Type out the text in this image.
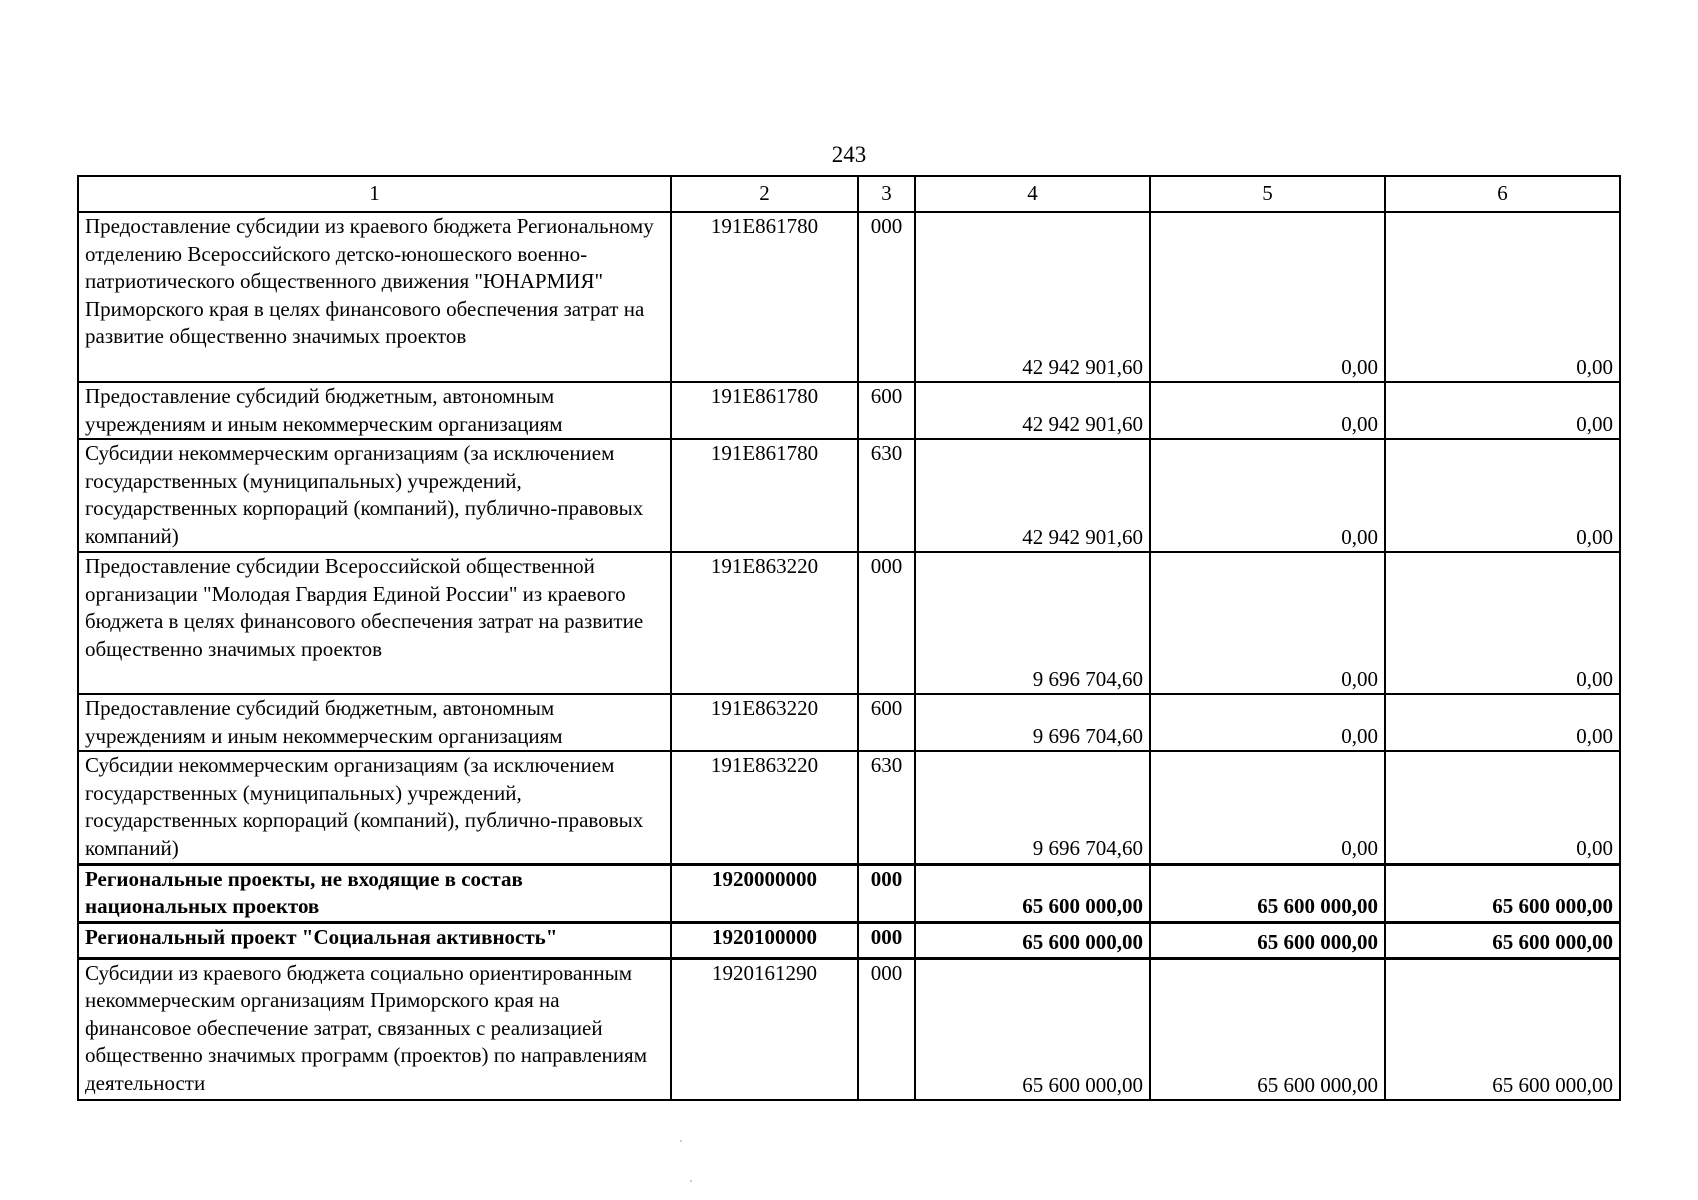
243
1	2	3	4	5	6
Предоставление субсидии из краевого бюджета Региональному отделению Всероссийского детско-юношеского военно-патриотического общественного движения "ЮНАРМИЯ" Приморского края в целях финансового обеспечения затрат на развитие общественно значимых проектов	191E861780	000	42 942 901,60	0,00	0,00
Предоставление субсидий бюджетным, автономным учреждениям и иным некоммерческим организациям	191E861780	600	42 942 901,60	0,00	0,00
Субсидии некоммерческим организациям (за исключением государственных (муниципальных) учреждений, государственных корпораций (компаний), публично-правовых компаний)	191E861780	630	42 942 901,60	0,00	0,00
Предоставление субсидии Всероссийской общественной организации "Молодая Гвардия Единой России" из краевого бюджета в целях финансового обеспечения затрат на развитие общественно значимых проектов	191E863220	000	9 696 704,60	0,00	0,00
Предоставление субсидий бюджетным, автономным учреждениям и иным некоммерческим организациям	191E863220	600	9 696 704,60	0,00	0,00
Субсидии некоммерческим организациям (за исключением государственных (муниципальных) учреждений, государственных корпораций (компаний), публично-правовых компаний)	191E863220	630	9 696 704,60	0,00	0,00
Региональные проекты, не входящие в состав национальных проектов	1920000000	000	65 600 000,00	65 600 000,00	65 600 000,00
Региональный проект "Социальная активность"	1920100000	000	65 600 000,00	65 600 000,00	65 600 000,00
Субсидии из краевого бюджета социально ориентированным некоммерческим организациям Приморского края на финансовое обеспечение затрат, связанных с реализацией общественно значимых программ (проектов) по направлениям деятельности	1920161290	000	65 600 000,00	65 600 000,00	65 600 000,00
